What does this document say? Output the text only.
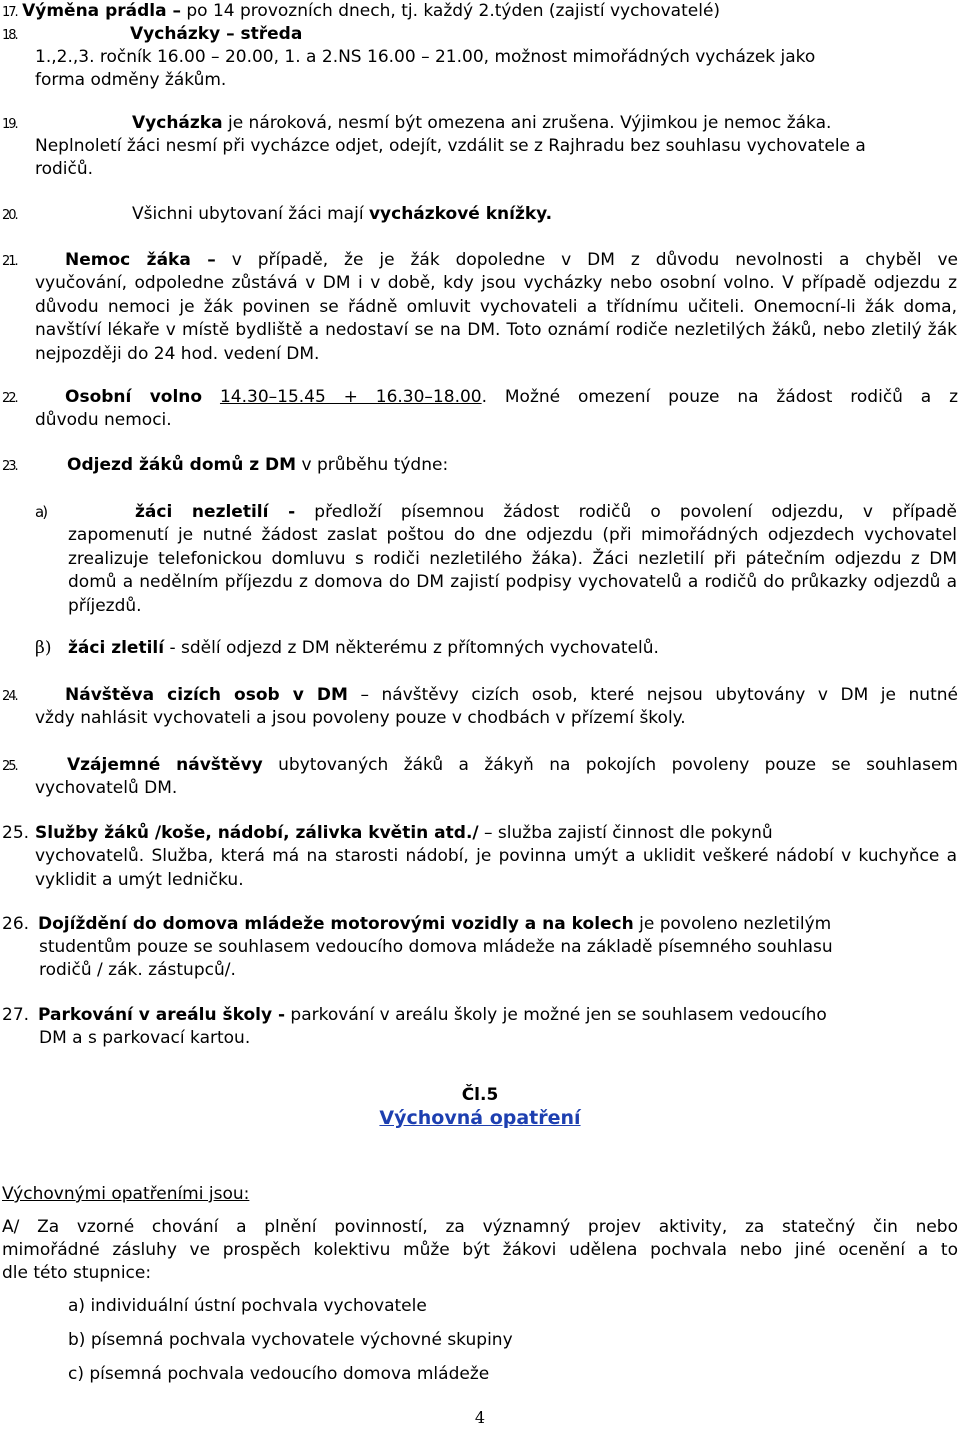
17. Výměna prádla – po 14 provozních dnech, tj. každý 2.týden (zajistí vychovatelé)
18.	Vycházky – středa
1.,2.,3. ročník 16.00 – 20.00, 1. a 2.NS 16.00 – 21.00, možnost mimořádných vycházek jako
forma odměny žákům.
19.	Vycházka je nároková, nesmí být omezena ani zrušena. Výjimkou je nemoc žáka.
Neplnoletí žáci nesmí při vycházce odjet, odejít, vzdálit se z Rajhradu bez souhlasu vychovatele a
rodičů.
20.	Všichni ubytovaní žáci mají vycházkové knížky.
21.	Nemoc žáka – v případě, že je žák dopoledne v DM z důvodu nevolnosti a chyběl ve
vyučování, odpoledne zůstává v DM i v době, kdy jsou vycházky nebo osobní volno. V případě odjezdu z důvodu nemoci je žák povinen se řádně omluvit vychovateli a třídnímu učiteli. Onemocní-li žák doma, navštíví lékaře v místě bydliště a nedostaví se na DM. Toto oznámí rodiče nezletilých žáků, nebo zletilý žák nejpozději do 24 hod. vedení DM.
22.	Osobní volno 14.30–15.45 + 16.30–18.00. Možné omezení pouze na žádost rodičů a z
důvodu nemoci.
23.	Odjezd žáků domů z DM v průběhu týdne:
a)	žáci nezletilí - předloží písemnou žádost rodičů o povolení odjezdu, v případě
zapomenutí je nutné žádost zaslat poštou do dne odjezdu (při mimořádných odjezdech vychovatel zrealizuje telefonickou domluvu s rodiči nezletilého žáka). Žáci nezletilí při pátečním odjezdu z DM domů a nedělním příjezdu z domova do DM zajistí podpisy vychovatelů a rodičů do průkazky odjezdů a příjezdů.
β) žáci zletilí - sdělí odjezd z DM některému z přítomných vychovatelů.
24.	Návštěva cizích osob v DM – návštěvy cizích osob, které nejsou ubytovány v DM je nutné
vždy nahlásit vychovateli a jsou povoleny pouze v chodbách v přízemí školy.
25.	Vzájemné návštěvy ubytovaných žáků a žákyň na pokojích povoleny pouze se souhlasem
vychovatelů DM.
25. Služby žáků /koše, nádobí, zálivka květin atd./ – služba zajistí činnost dle pokynů
vychovatelů. Služba, která má na starosti nádobí, je povinna umýt a uklidit veškeré nádobí v kuchyňce a vyklidit a umýt ledničku.
26. Dojíždění do domova mládeže motorovými vozidly a na kolech je povoleno nezletilým
studentům pouze se souhlasem vedoucího domova mládeže na základě písemného souhlasu
rodičů / zák. zástupců/.
27. Parkování v areálu školy - parkování v areálu školy je možné jen se souhlasem vedoucího
DM a s parkovací kartou.
Čl.5
Výchovná opatření
Výchovnými opatřeními jsou:
A/ Za vzorné chování a plnění povinností, za významný projev aktivity, za statečný čin nebo
mimořádné zásluhy ve prospěch kolektivu může být žákovi udělena pochvala nebo jiné ocenění a to
dle této stupnice:
a) individuální ústní pochvala vychovatele
b) písemná pochvala vychovatele výchovné skupiny
c) písemná pochvala vedoucího domova mládeže
4
